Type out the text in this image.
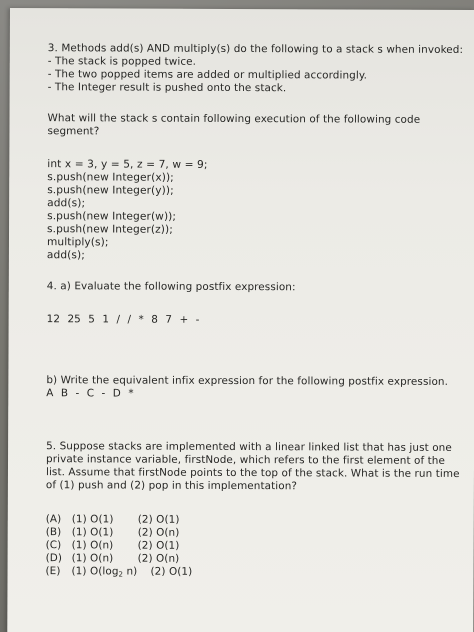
3. Methods add(s) AND multiply(s) do the following to a stack s when invoked:
- The stack is popped twice.
- The two popped items are added or multiplied accordingly.
- The Integer result is pushed onto the stack.
What will the stack s contain following execution of the following code
segment?
int x = 3, y = 5, z = 7, w = 9;
s.push(new Integer(x));
s.push(new Integer(y));
add(s);
s.push(new Integer(w));
s.push(new Integer(z));
multiply(s);
add(s);
4. a) Evaluate the following postfix expression:
12 25 5 1 / / * 8 7 + -
b) Write the equivalent infix expression for the following postfix expression.
A B - C - D *
5. Suppose stacks are implemented with a linear linked list that has just one
private instance variable, firstNode, which refers to the first element of the
list. Assume that firstNode points to the top of the stack. What is the run time
of (1) push and (2) pop in this implementation?
(A) (1) O(1) (2) O(1)
(B) (1) O(1) (2) O(n)
(C) (1) O(n) (2) O(1)
(D) (1) O(n) (2) O(n)
(E) (1) $O(\log_2$ n) (2) O(1)
